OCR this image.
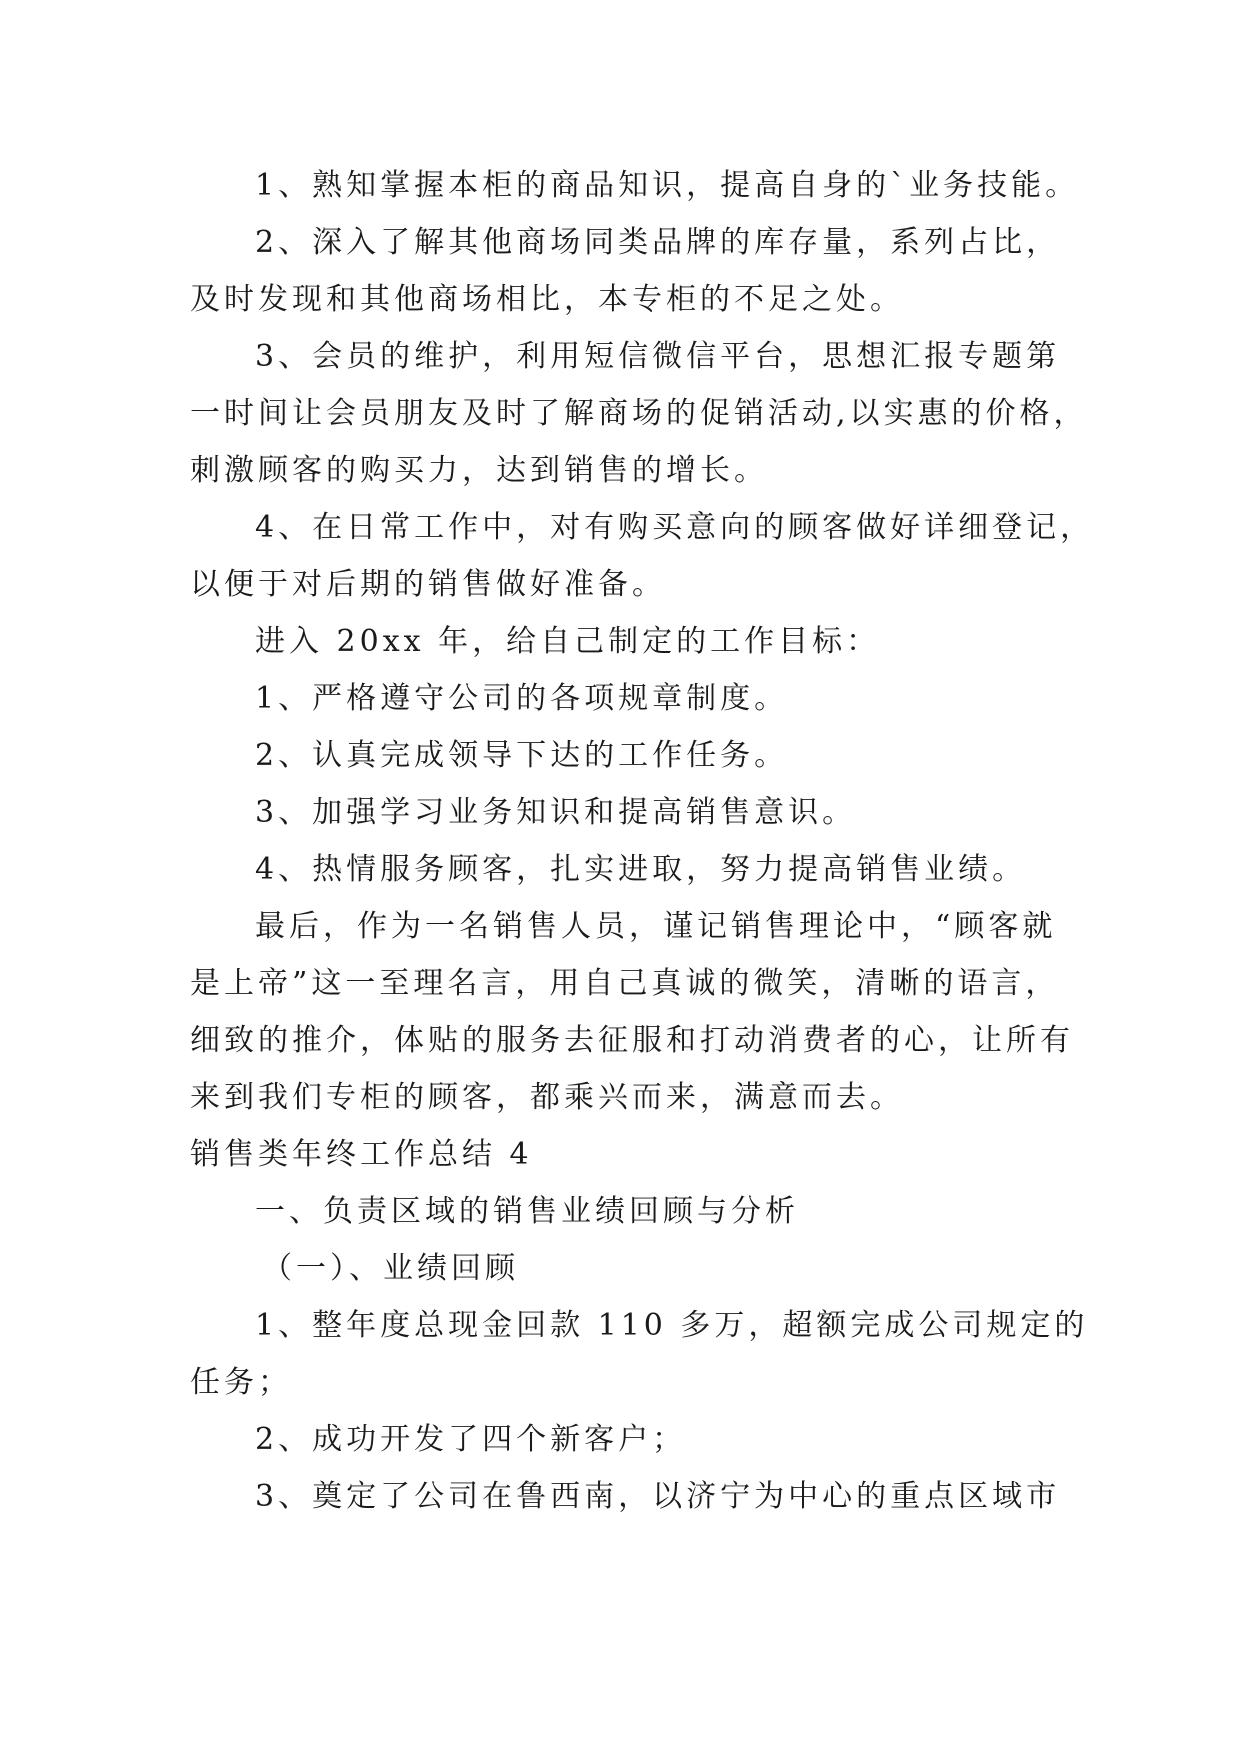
1、熟知掌握本柜的商品知识，提高自身的`业务技能。
2、深入了解其他商场同类品牌的库存量，系列占比，
及时发现和其他商场相比，本专柜的不足之处。
3、会员的维护，利用短信微信平台，思想汇报专题第
一时间让会员朋友及时了解商场的促销活动,以实惠的价格，
刺激顾客的购买力，达到销售的增长。
4、在日常工作中，对有购买意向的顾客做好详细登记，
以便于对后期的销售做好准备。
进入 20xx 年，给自己制定的工作目标：
1、严格遵守公司的各项规章制度。
2、认真完成领导下达的工作任务。
3、加强学习业务知识和提高销售意识。
4、热情服务顾客，扎实进取，努力提高销售业绩。
最后，作为一名销售人员，谨记销售理论中，“顾客就
是上帝”这一至理名言，用自己真诚的微笑，清晰的语言，
细致的推介，体贴的服务去征服和打动消费者的心，让所有
来到我们专柜的顾客，都乘兴而来，满意而去。
销售类年终工作总结 4
一、负责区域的销售业绩回顾与分析
（一）、业绩回顾
1、整年度总现金回款 110 多万，超额完成公司规定的
任务；
2、成功开发了四个新客户；
3、奠定了公司在鲁西南，以济宁为中心的重点区域市
